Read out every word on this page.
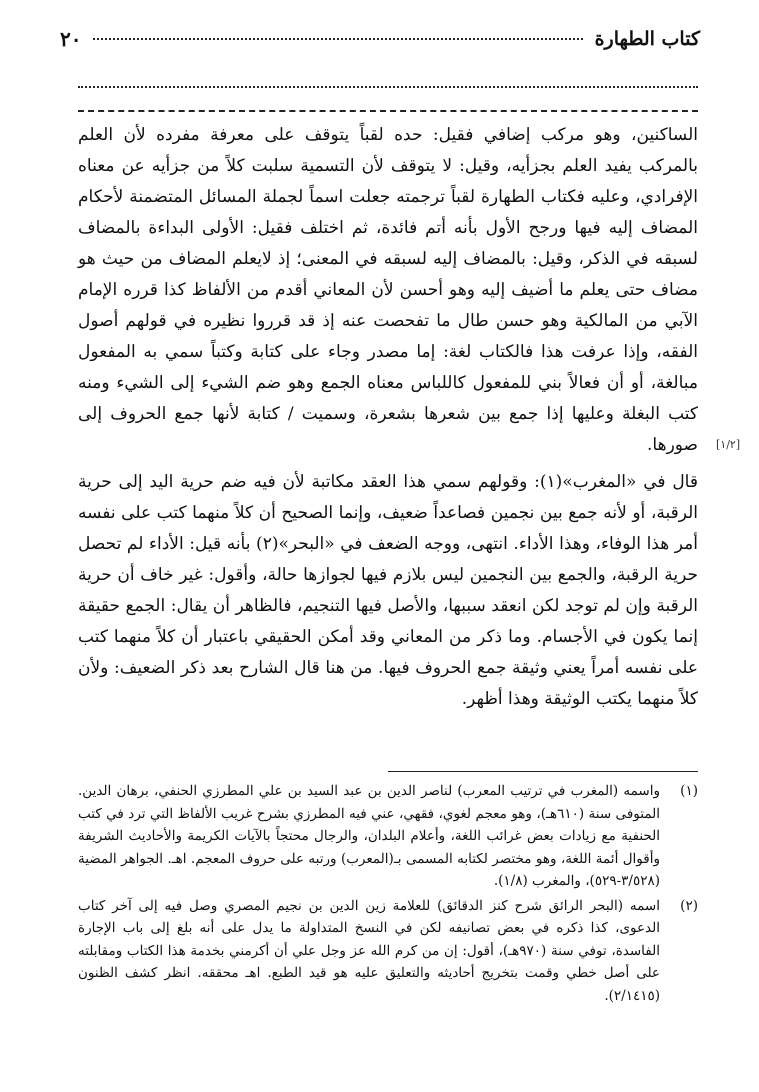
٢٠	كتاب الطهارة

الساكنين، وهو مركب إضافي فقيل: حده لقباً يتوقف على معرفة مفرده لأن العلم بالمركب يفيد العلم بجزأيه، وقيل: لا يتوقف لأن التسمية سلبت كلاً من جزأيه عن معناه الإفرادي، وعليه فكتاب الطهارة لقباً ترجمته جعلت اسماً لجملة المسائل المتضمنة لأحكام المضاف إليه فيها ورجح الأول بأنه أتم فائدة، ثم اختلف فقيل: الأولى البداءة بالمضاف لسبقه في الذكر، وقيل: بالمضاف إليه لسبقه في المعنى؛ إذ لايعلم المضاف من حيث هو مضاف حتى يعلم ما أضيف إليه وهو أحسن لأن المعاني أقدم من الألفاظ كذا قرره الإمام الآبي من المالكية وهو حسن طال ما تفحصت عنه إذ قد قرروا نظيره في قولهم أصول الفقه، وإذا عرفت هذا فالكتاب لغة: إما مصدر وجاء على كتابة وكتباً سمي به المفعول مبالغة، أو أن فعالاً بني للمفعول كاللباس معناه الجمع وهو ضم الشيء إلى الشيء ومنه كتب البغلة وعليها إذا جمع بين شعرها بشعرة، وسميت / كتابة لأنها جمع الحروف إلى صورها.

قال في «المغرب»(١): وقولهم سمي هذا العقد مكاتبة لأن فيه ضم حرية اليد إلى حرية الرقبة، أو لأنه جمع بين نجمين فصاعداً ضعيف، وإنما الصحيح أن كلاً منهما كتب على نفسه أمر هذا الوفاء، وهذا الأداء. انتهى، ووجه الضعف في «البحر»(٢) بأنه قيل: الأداء لم تحصل حرية الرقبة، والجمع بين النجمين ليس بلازم فيها لجوازها حالة، وأقول: غير خاف أن حرية الرقبة وإن لم توجد لكن انعقد سببها، والأصل فيها التنجيم، فالظاهر أن يقال: الجمع حقيقة إنما يكون في الأجسام. وما ذكر من المعاني وقد أمكن الحقيقي باعتبار أن كلاً منهما كتب على نفسه أمراً يعني وثيقة جمع الحروف فيها. من هنا قال الشارح بعد ذكر الضعيف: ولأن كلاً منهما يكتب الوثيقة وهذا أظهر.

[١/٢]

(١)
واسمه (المغرب في ترتيب المعرب) لناصر الدين بن عبد السيد بن علي المطرزي الحنفي، برهان الدين. المتوفى سنة (٦١٠هـ)، وهو معجم لغوي، فقهي، عني فيه المطرزي بشرح غريب الألفاظ التي ترد في كتب الحنفية مع زيادات بعض غرائب اللغة، وأعلام البلدان، والرجال محتجاً بالآيات الكريمة والأحاديث الشريفة وأقوال أئمة اللغة، وهو مختصر لكتابه المسمى بـ(المعرب) ورتبه على حروف المعجم. اهـ. الجواهر المضية (٣/٥٢٨-٥٢٩)، والمغرب (١/٨).

(٢)
اسمه (البحر الرائق شرح كنز الدقائق) للعلامة زين الدين بن نجيم المصري وصل فيه إلى آخر كتاب الدعوى، كذا ذكره في بعض تصانيفه لكن في النسخ المتداولة ما يدل على أنه بلغ إلى باب الإجارة الفاسدة، توفي سنة (٩٧٠هـ)، أقول: إن من كرم الله عز وجل علي أن أكرمني بخدمة هذا الكتاب ومقابلته على أصل خطي وقمت بتخريج أحاديثه والتعليق عليه هو قيد الطبع. اهـ محققه. انظر كشف الظنون (٢/١٤١٥).
